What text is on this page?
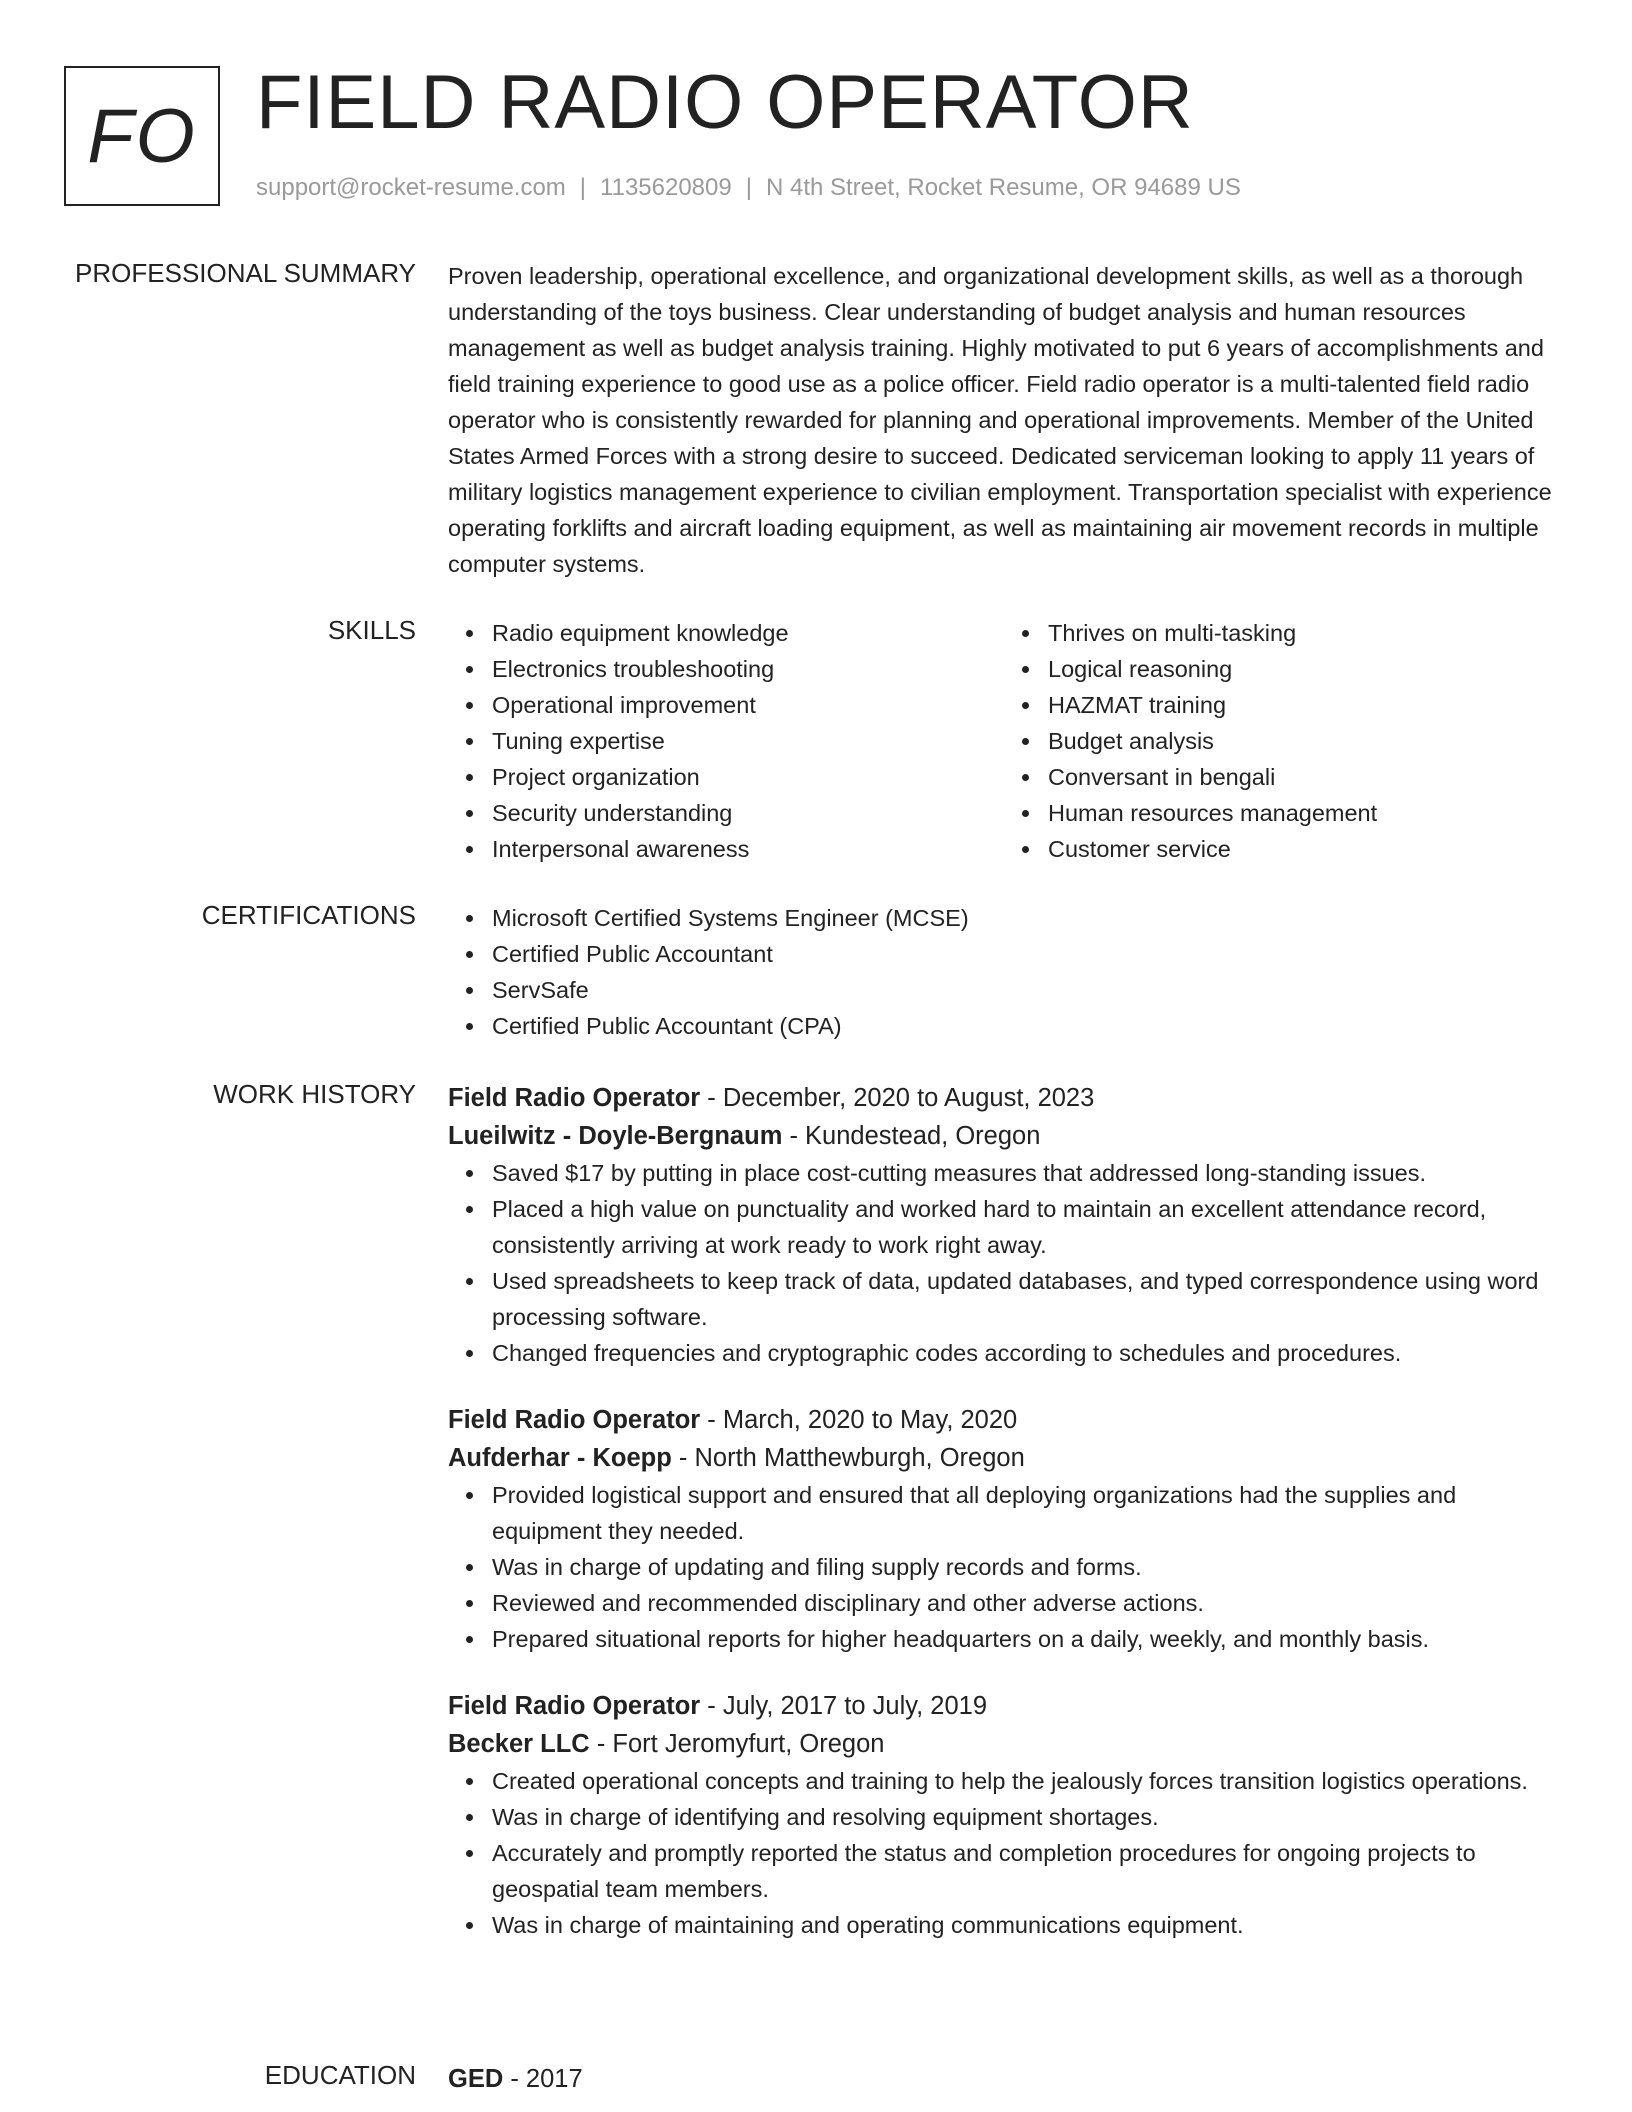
FO FIELD RADIO OPERATOR
support@rocket-resume.com | 1135620809 | N 4th Street, Rocket Resume, OR 94689 US
PROFESSIONAL SUMMARY Proven leadership, operational excellence, and organizational development skills, as well as a thorough understanding of the toys business. Clear understanding of budget analysis and human resources management as well as budget analysis training. Highly motivated to put 6 years of accomplishments and field training experience to good use as a police officer. Field radio operator is a multi-talented field radio operator who is consistently rewarded for planning and operational improvements. Member of the United States Armed Forces with a strong desire to succeed. Dedicated serviceman looking to apply 11 years of military logistics management experience to civilian employment. Transportation specialist with experience operating forklifts and aircraft loading equipment, as well as maintaining air movement records in multiple computer systems.
SKILLS	Radio equipment knowledge
Electronics troubleshooting
Operational improvement
Tuning expertise
Project organization
Security understanding
Interpersonal awareness
Thrives on multi-tasking
Logical reasoning
HAZMAT training
Budget analysis
Conversant in bengali
Human resources management
Customer service
CERTIFICATIONS	Microsoft Certified Systems Engineer (MCSE)
Certified Public Accountant
ServSafe
Certified Public Accountant (CPA)
WORK HISTORY Field Radio Operator - December, 2020 to August, 2023
Lueilwitz - Doyle-Bergnaum - Kundestead, Oregon
Saved $17 by putting in place cost-cutting measures that addressed long-standing issues.
Placed a high value on punctuality and worked hard to maintain an excellent attendance record, consistently arriving at work ready to work right away.
Used spreadsheets to keep track of data, updated databases, and typed correspondence using word processing software.
Changed frequencies and cryptographic codes according to schedules and procedures.
Field Radio Operator - March, 2020 to May, 2020
Aufderhar - Koepp - North Matthewburgh, Oregon
Provided logistical support and ensured that all deploying organizations had the supplies and equipment they needed.
Was in charge of updating and filing supply records and forms.
Reviewed and recommended disciplinary and other adverse actions.
Prepared situational reports for higher headquarters on a daily, weekly, and monthly basis.
Field Radio Operator - July, 2017 to July, 2019
Becker LLC - Fort Jeromyfurt, Oregon
Created operational concepts and training to help the jealously forces transition logistics operations.
Was in charge of identifying and resolving equipment shortages.
Accurately and promptly reported the status and completion procedures for ongoing projects to geospatial team members.
Was in charge of maintaining and operating communications equipment.
EDUCATION GED - 2017
